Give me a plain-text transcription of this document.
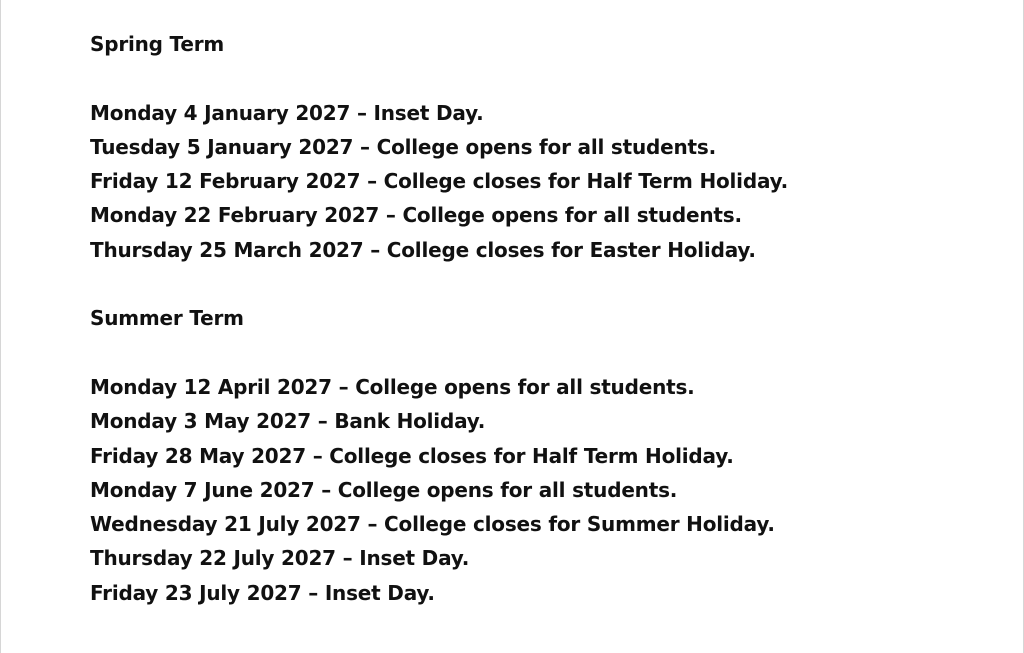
Spring Term
Monday 4 January 2027 – Inset Day.
Tuesday 5 January 2027 – College opens for all students.
Friday 12 February 2027 – College closes for Half Term Holiday.
Monday 22 February 2027 – College opens for all students.
Thursday 25 March 2027 – College closes for Easter Holiday.
Summer Term
Monday 12 April 2027 – College opens for all students.
Monday 3 May 2027 – Bank Holiday.
Friday 28 May 2027 – College closes for Half Term Holiday.
Monday 7 June 2027 – College opens for all students.
Wednesday 21 July 2027 – College closes for Summer Holiday.
Thursday 22 July 2027 – Inset Day.
Friday 23 July 2027 – Inset Day.
